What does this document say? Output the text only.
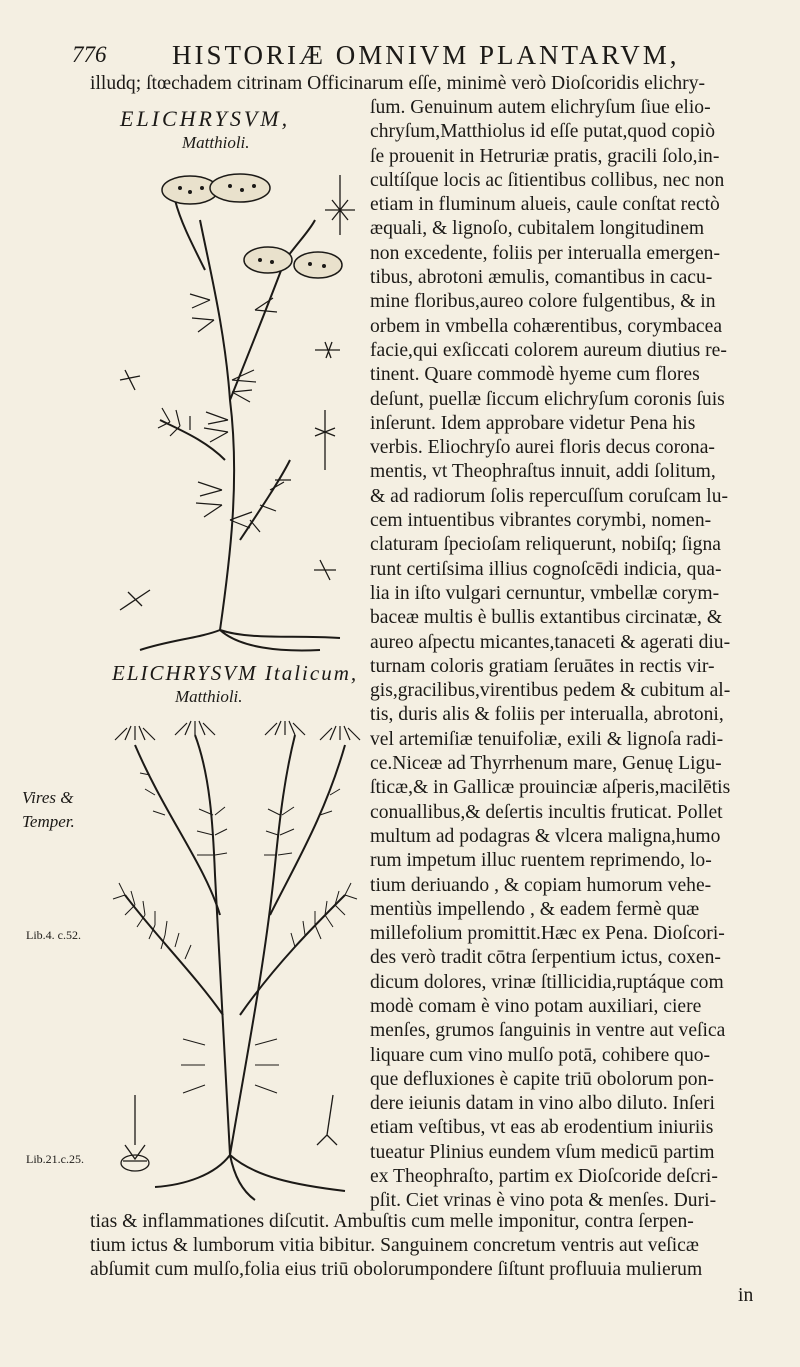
776 HISTORIÆ OMNIVM PLANTARVM,
illudq; ſtœchadem citrinam Officinarum eſſe, minimè verò Dioſcoridis elichry-
ELICHRYSVM,
Matthioli.
ELICHRYSVM Italicum,
Matthioli.
Vires &
Temper.
Lib.4. c.52.
Lib.21.c.25.
ſum. Genuinum autem elichryſum ſiue elio-
chryſum,Matthiolus id eſſe putat,quod copiò
ſe prouenit in Hetruriæ pratis, gracili ſolo,in-
cultíſque locis ac ſitientibus collibus, nec non
etiam in fluminum alueis, caule conſtat rectò
æquali, & lignoſo, cubitalem longitudinem
non excedente, foliis per interualla emergen-
tibus, abrotoni æmulis, comantibus in cacu-
mine floribus,aureo colore fulgentibus, & in
orbem in vmbella cohærentibus, corymbacea
facie,qui exſiccati colorem aureum diutius re-
tinent. Quare commodè hyeme cum flores
deſunt, puellæ ſiccum elichryſum coronis ſuis
inſerunt. Idem approbare videtur Pena his
verbis. Eliochryſo aurei floris decus corona-
mentis, vt Theophraſtus innuit, addi ſolitum,
& ad radiorum ſolis repercuſſum coruſcam lu-
cem intuentibus vibrantes corymbi, nomen-
claturam ſpecioſam reliquerunt, nobiſq; ſigna
runt certiſsima illius cognoſcēdi indicia, qua-
lia in iſto vulgari cernuntur, vmbellæ corym-
baceæ multis è bullis extantibus circinatæ, &
aureo aſpectu micantes,tanaceti & agerati diu-
turnam coloris gratiam ſeruātes in rectis vir-
gis,gracilibus,virentibus pedem & cubitum al-
tis, duris alis & foliis per interualla, abrotoni,
vel artemiſiæ tenuifoliæ, exili & lignoſa radi-
ce.Niceæ ad Thyrrhenum mare, Genuę Ligu-
ſticæ,& in Gallicæ prouinciæ aſperis,macilētis
conuallibus,& deſertis incultis fruticat. Pollet
multum ad podagras & vlcera maligna,humo
rum impetum illuc ruentem reprimendo, lo-
tium deriuando , & copiam humorum vehe-
mentiùs impellendo , & eadem fermè quæ
millefolium promittit.Hæc ex Pena. Dioſcori-
des verò tradit cōtra ſerpentium ictus, coxen-
dicum dolores, vrinæ ſtillicidia,ruptáque com
modè comam è vino potam auxiliari, ciere
menſes, grumos ſanguinis in ventre aut veſica
liquare cum vino mulſo potā, cohibere quo-
que defluxiones è capite triū obolorum pon-
dere ieiunis datam in vino albo diluto. Inſeri
etiam veſtibus, vt eas ab erodentium iniuriis
tueatur Plinius eundem vſum medicū partim
ex Theophraſto, partim ex Dioſcoride deſcri-
pſit. Ciet vrinas è vino pota & menſes. Duri-
tias & inflammationes diſcutit. Ambuſtis cum melle imponitur, contra ſerpen-
tium ictus & lumborum vitia bibitur. Sanguinem concretum ventris aut veſicæ
abſumit cum mulſo,folia eius triū obolorumpondere ſiſtunt profluuia mulierum
in
